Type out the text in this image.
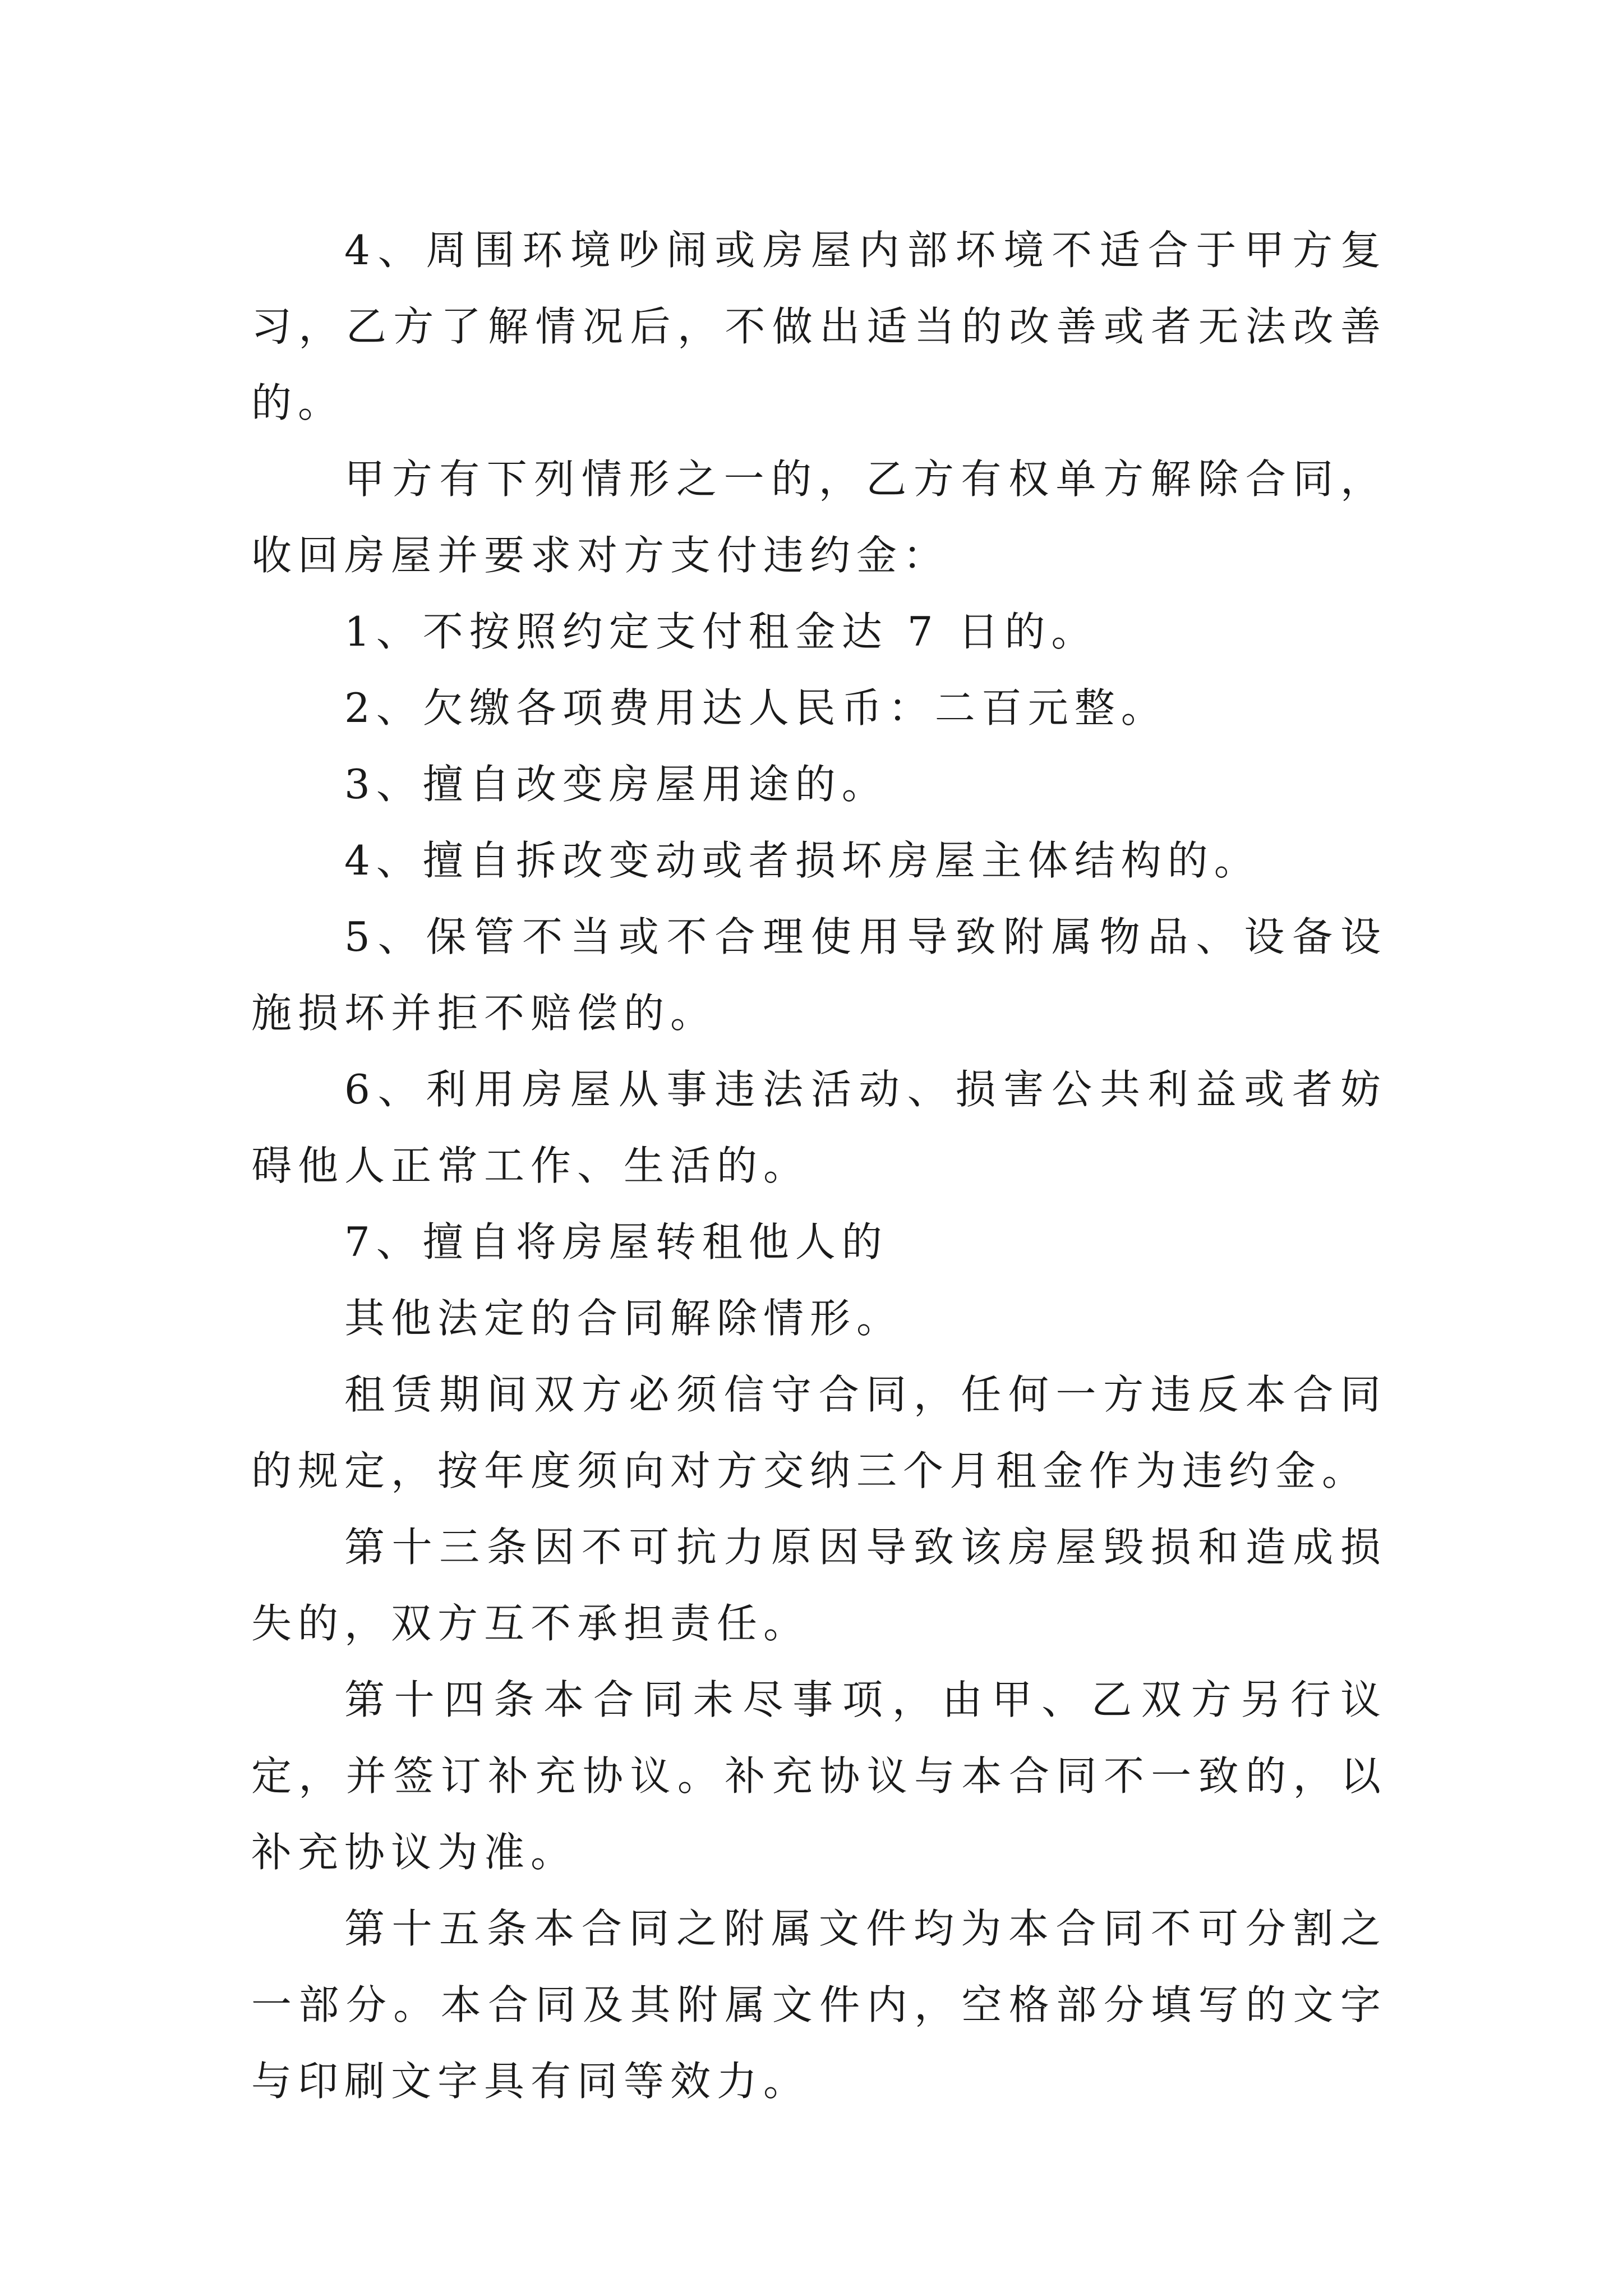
4、周围环境吵闹或房屋内部坏境不适合于甲方复习，乙方了解情况后，不做出适当的改善或者无法改善的。

甲方有下列情形之一的，乙方有权单方解除合同，收回房屋并要求对方支付违约金：

1、不按照约定支付租金达 7 日的。

2、欠缴各项费用达人民币：二百元整。

3、擅自改变房屋用途的。

4、擅自拆改变动或者损坏房屋主体结构的。

5、保管不当或不合理使用导致附属物品、设备设施损坏并拒不赔偿的。

6、利用房屋从事违法活动、损害公共利益或者妨碍他人正常工作、生活的。

7、擅自将房屋转租他人的

其他法定的合同解除情形。

租赁期间双方必须信守合同，任何一方违反本合同的规定，按年度须向对方交纳三个月租金作为违约金。

第十三条因不可抗力原因导致该房屋毁损和造成损失的，双方互不承担责任。

第十四条本合同未尽事项，由甲、乙双方另行议定，并签订补充协议。补充协议与本合同不一致的，以补充协议为准。

第十五条本合同之附属文件均为本合同不可分割之一部分。本合同及其附属文件内，空格部分填写的文字与印刷文字具有同等效力。
